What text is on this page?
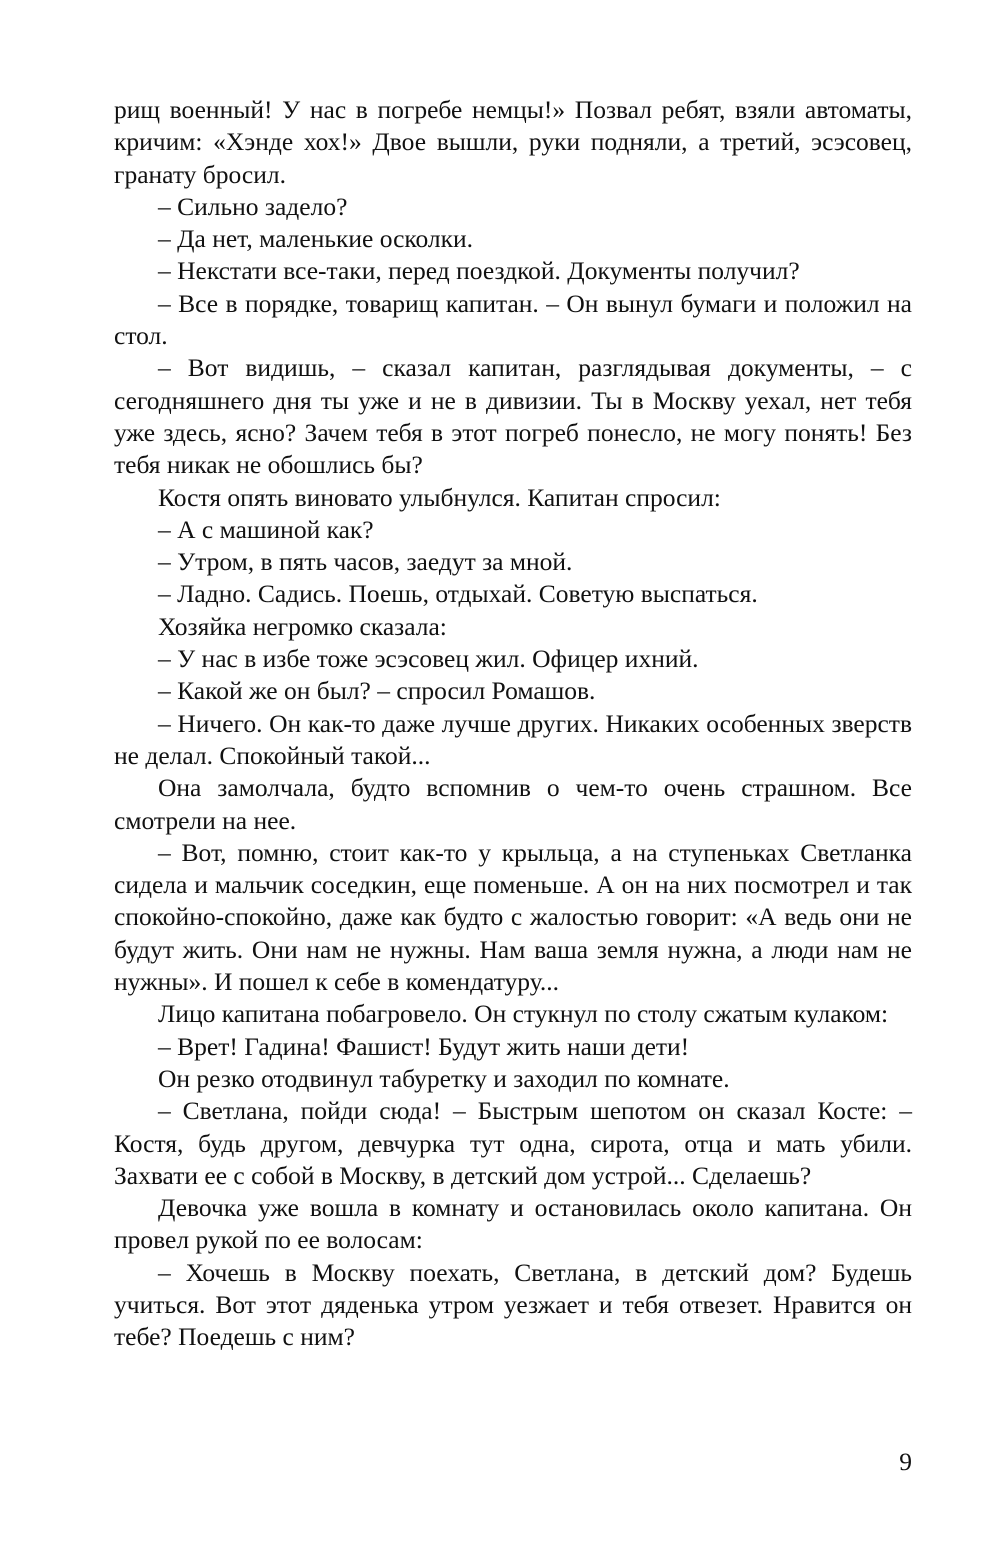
рищ военный! У нас в погребе немцы!» Позвал ребят, взяли автоматы, кричим: «Хэнде хох!» Двое вышли, руки подняли, а третий, эсэсовец, гранату бросил.

– Сильно задело?

– Да нет, маленькие осколки.

– Некстати все-таки, перед поездкой. Документы получил?

– Все в порядке, товарищ капитан. – Он вынул бумаги и положил на стол.

– Вот видишь, – сказал капитан, разглядывая документы, – с сегодняшнего дня ты уже и не в дивизии. Ты в Москву уехал, нет тебя уже здесь, ясно? Зачем тебя в этот погреб понесло, не могу понять! Без тебя никак не обошлись бы?

Костя опять виновато улыбнулся. Капитан спросил:

– А с машиной как?

– Утром, в пять часов, заедут за мной.

– Ладно. Садись. Поешь, отдыхай. Советую выспаться.

Хозяйка негромко сказала:

– У нас в избе тоже эсэсовец жил. Офицер ихний.

– Какой же он был? – спросил Ромашов.

– Ничего. Он как-то даже лучше других. Никаких особенных зверств не делал. Спокойный такой...

Она замолчала, будто вспомнив о чем-то очень страшном. Все смотрели на нее.

– Вот, помню, стоит как-то у крыльца, а на ступеньках Светланка сидела и мальчик соседкин, еще поменьше. А он на них посмотрел и так спокойно-спокойно, даже как будто с жалостью говорит: «А ведь они не будут жить. Они нам не нужны. Нам ваша земля нужна, а люди нам не нужны». И пошел к себе в комендатуру...

Лицо капитана побагровело. Он стукнул по столу сжатым кулаком:

– Врет! Гадина! Фашист! Будут жить наши дети!

Он резко отодвинул табуретку и заходил по комнате.

– Светлана, пойди сюда! – Быстрым шепотом он сказал Косте: – Костя, будь другом, девчурка тут одна, сирота, отца и мать убили. Захвати ее с собой в Москву, в детский дом устрой... Сделаешь?

Девочка уже вошла в комнату и остановилась около капитана. Он провел рукой по ее волосам:

– Хочешь в Москву поехать, Светлана, в детский дом? Будешь учиться. Вот этот дяденька утром уезжает и тебя отвезет. Нравится он тебе? Поедешь с ним?

9
